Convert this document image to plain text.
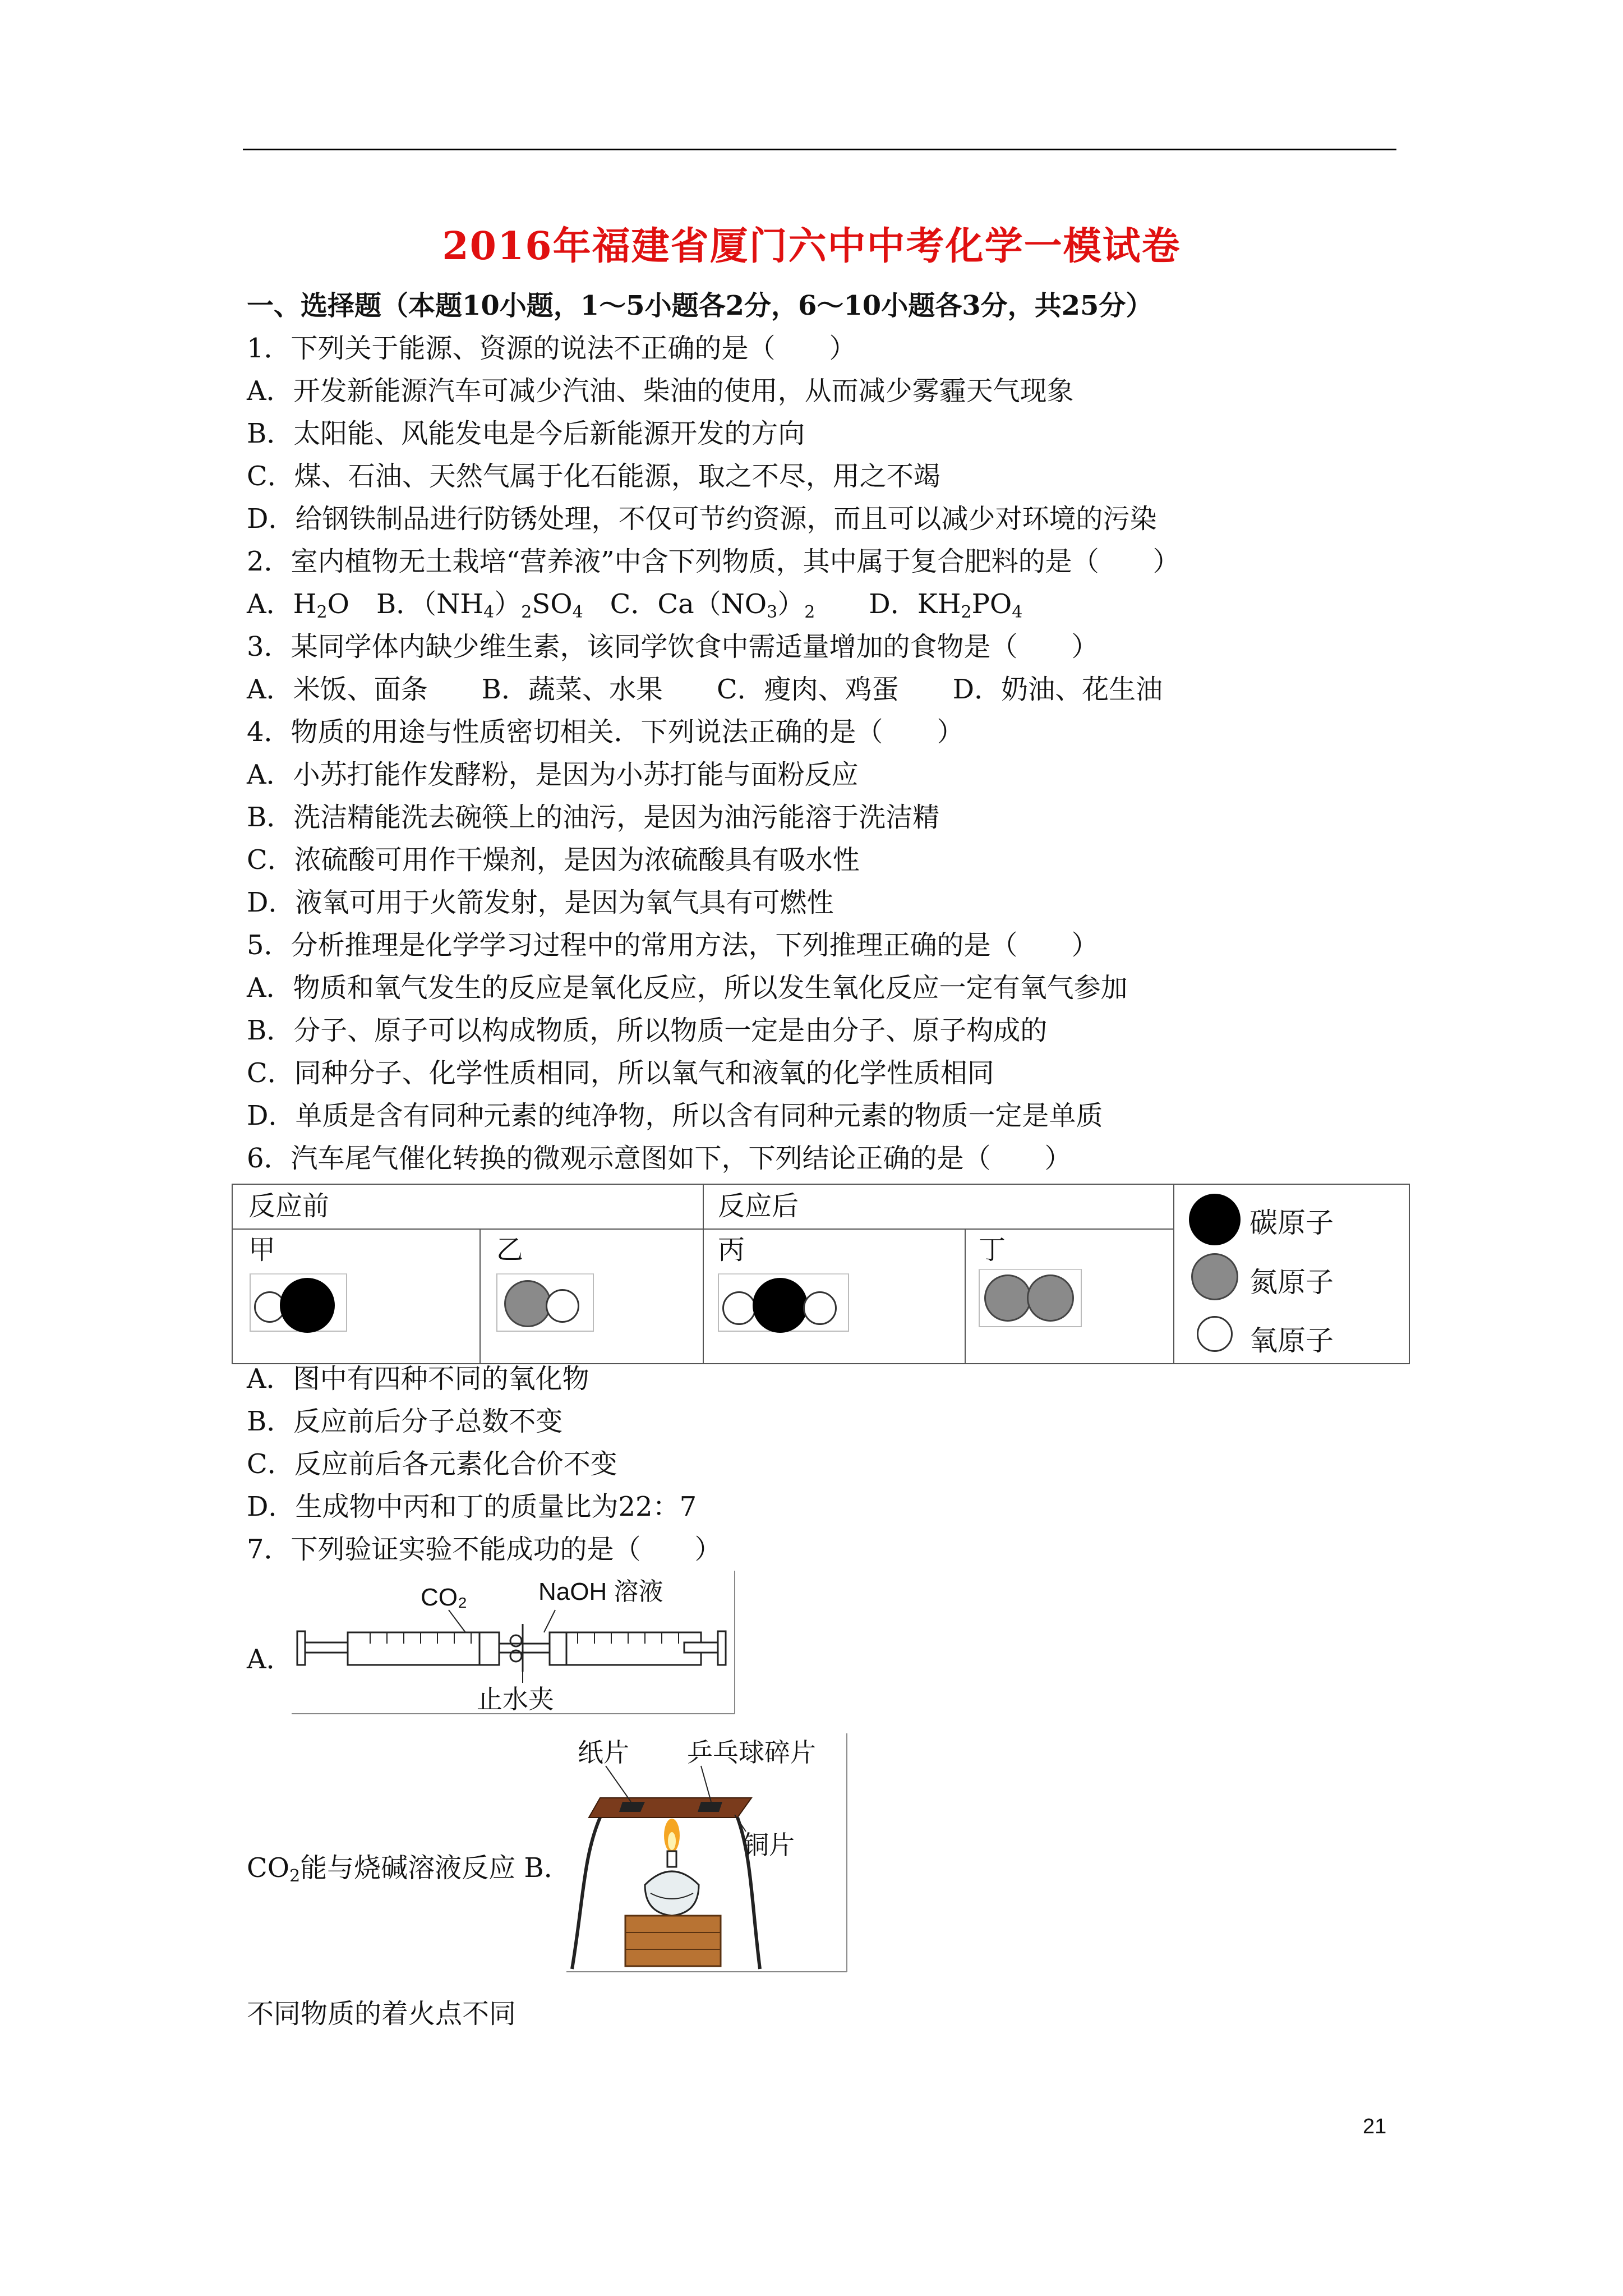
2016年福建省厦门六中中考化学一模试卷
一、选择题（本题10小题，1～5小题各2分，6～10小题各3分，共25分）
1．下列关于能源、资源的说法不正确的是（　　）
A．开发新能源汽车可减少汽油、柴油的使用，从而减少雾霾天气现象
B．太阳能、风能发电是今后新能源开发的方向
C．煤、石油、天然气属于化石能源，取之不尽，用之不竭
D．给钢铁制品进行防锈处理，不仅可节约资源，而且可以减少对环境的污染
2．室内植物无土栽培“营养液”中含下列物质，其中属于复合肥料的是（　　）
A．$H_2O$　B．$(NH_4)_2SO_4$　C．$Ca(NO_3)_2$　　D．$KH_2PO_4$
3．某同学体内缺少维生素，该同学饮食中需适量增加的食物是（　　）
A．米饭、面条　　B．蔬菜、水果　　C．瘦肉、鸡蛋　　D．奶油、花生油
4．物质的用途与性质密切相关．下列说法正确的是（　　）
A．小苏打能作发酵粉，是因为小苏打能与面粉反应
B．洗洁精能洗去碗筷上的油污，是因为油污能溶于洗洁精
C．浓硫酸可用作干燥剂，是因为浓硫酸具有吸水性
D．液氧可用于火箭发射，是因为氧气具有可燃性
5．分析推理是化学学习过程中的常用方法，下列推理正确的是（　　）
A．物质和氧气发生的反应是氧化反应，所以发生氧化反应一定有氧气参加
B．分子、原子可以构成物质，所以物质一定是由分子、原子构成的
C．同种分子、化学性质相同，所以氧气和液氧的化学性质相同
D．单质是含有同种元素的纯净物，所以含有同种元素的物质一定是单质
6．汽车尾气催化转换的微观示意图如下，下列结论正确的是（　　）
反应前	反应后
甲	乙	丙	丁
碳原子
氮原子
氧原子
A．图中有四种不同的氧化物
B．反应前后分子总数不变
C．反应前后各元素化合价不变
D．生成物中丙和丁的质量比为22：7
7．下列验证实验不能成功的是（　　）
A．
CO₂	NaOH 溶液
止水夹
$CO_2$能与烧碱溶液反应 B．
纸片 乒乓球碎片
铜片
不同物质的着火点不同
21
